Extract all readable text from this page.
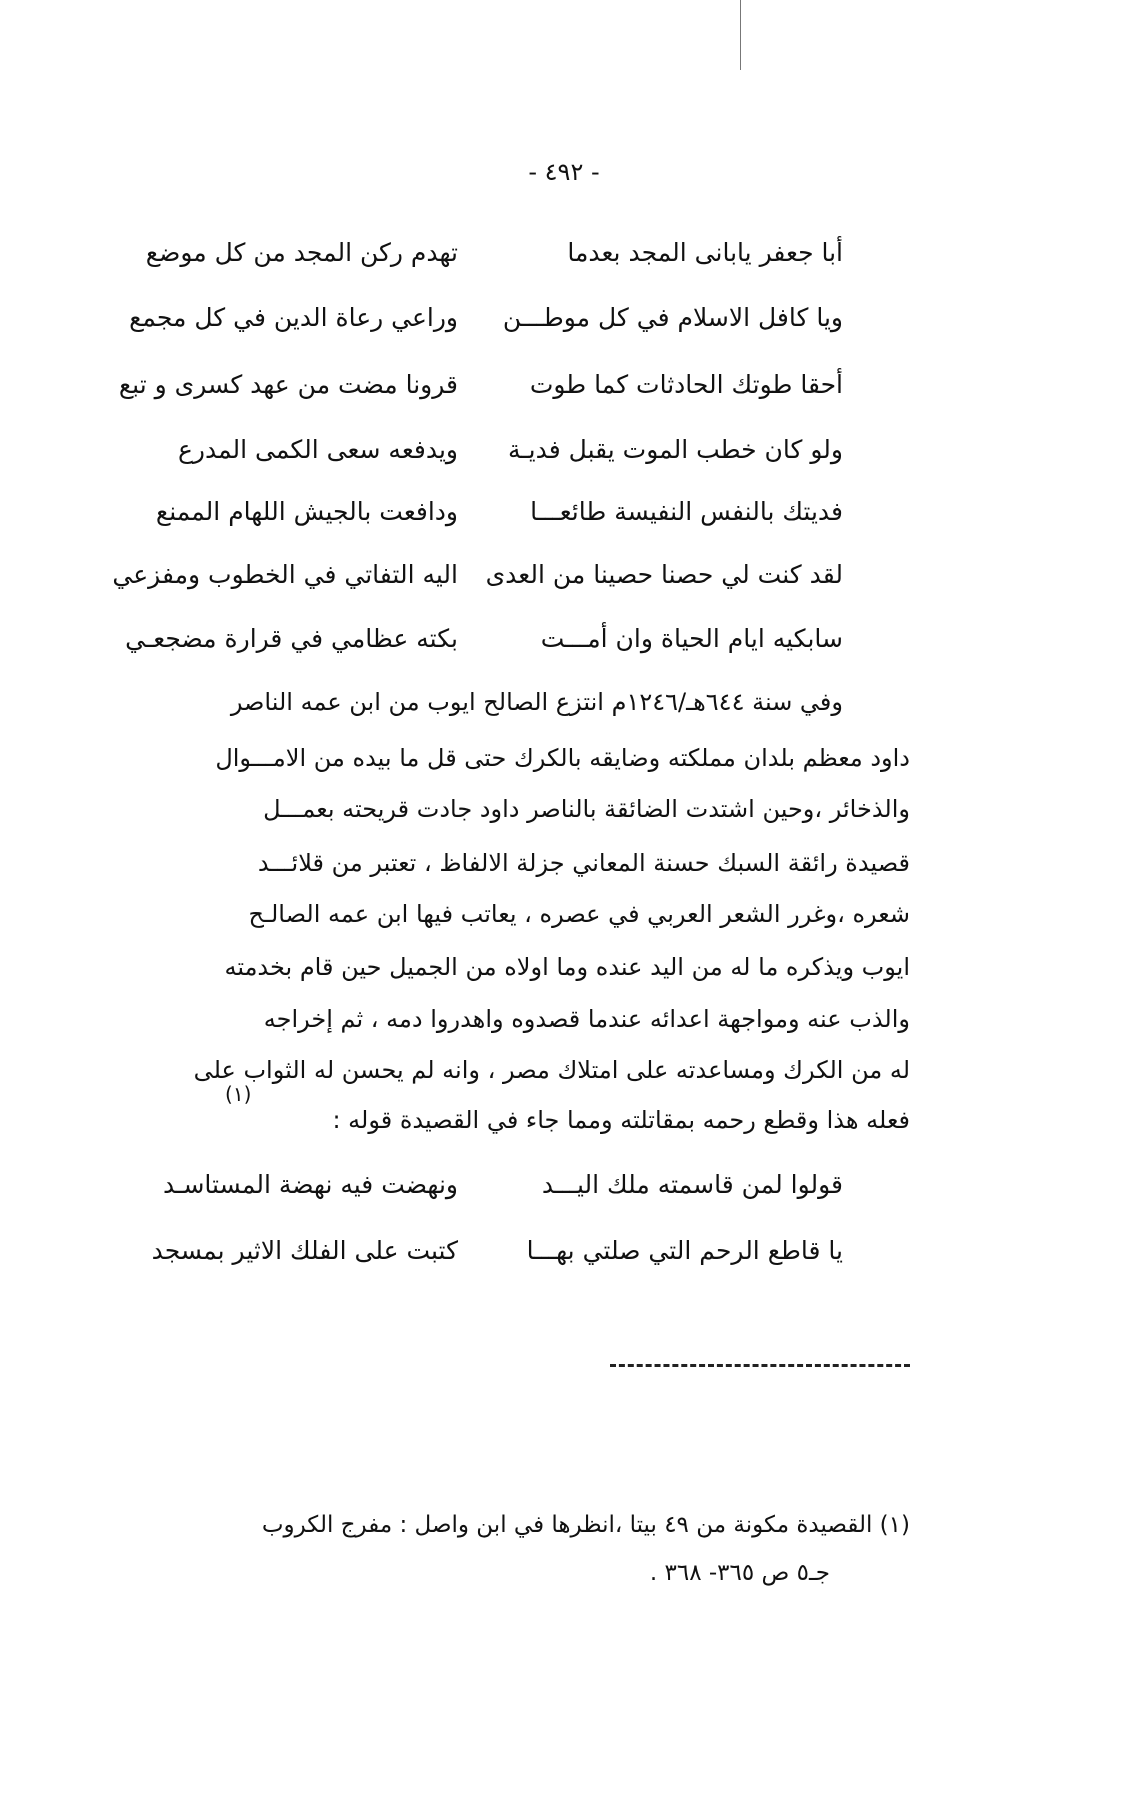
- ٤٩٢ -
أبا جعفر يابانى المجد بعدما
تهدم ركن المجد من كل موضع
ويا كافل الاسلام في كل موطـــن
وراعي رعاة الدين في كل مجمع
أحقا طوتك الحادثات كما طوت
قرونا مضت من عهد كسرى و تبع
ولو كان خطب الموت يقبل فديـة
ويدفعه سعى الكمى المدرع
فديتك بالنفس النفيسة طائعـــا
ودافعت بالجيش اللهام الممنع
لقد كنت لي حصنا حصينا من العدى
اليه التفاتي في الخطوب ومفزعي
سابكيه ايام الحياة وان أمـــت
بكته عظامي في قرارة مضجعـي
وفي سنة ٦٤٤هـ/١٢٤٦م انتزع الصالح ايوب من ابن عمه الناصر
داود معظم بلدان مملكته وضايقه بالكرك حتى قل ما بيده من الامـــوال
والذخائر ،وحين اشتدت الضائقة بالناصر داود جادت قريحته بعمـــل
قصيدة رائقة السبك حسنة المعاني جزلة الالفاظ ، تعتبر من قلائـــد
شعره ،وغرر الشعر العربي في عصره ، يعاتب فيها ابن عمه الصالـح
ايوب ويذكره ما له من اليد عنده وما اولاه من الجميل حين قام بخدمته
والذب عنه ومواجهة اعدائه عندما قصدوه واهدروا دمه ، ثم إخراجه
له من الكرك ومساعدته على امتلاك مصر ، وانه لم يحسن له الثواب على
(١)
فعله هذا وقطع رحمه بمقاتلته ومما جاء في القصيدة قوله :
قولوا لمن قاسمته ملك اليـــد
ونهضت فيه نهضة المستاسـد
يا قاطع الرحم التي صلتي بهـــا
كتبت على الفلك الاثير بمسجد
(١) القصيدة مكونة من ٤٩ بيتا ،انظرها في ابن واصل : مفرج الكروب
جـ٥ ص ٣٦٥- ٣٦٨ .
